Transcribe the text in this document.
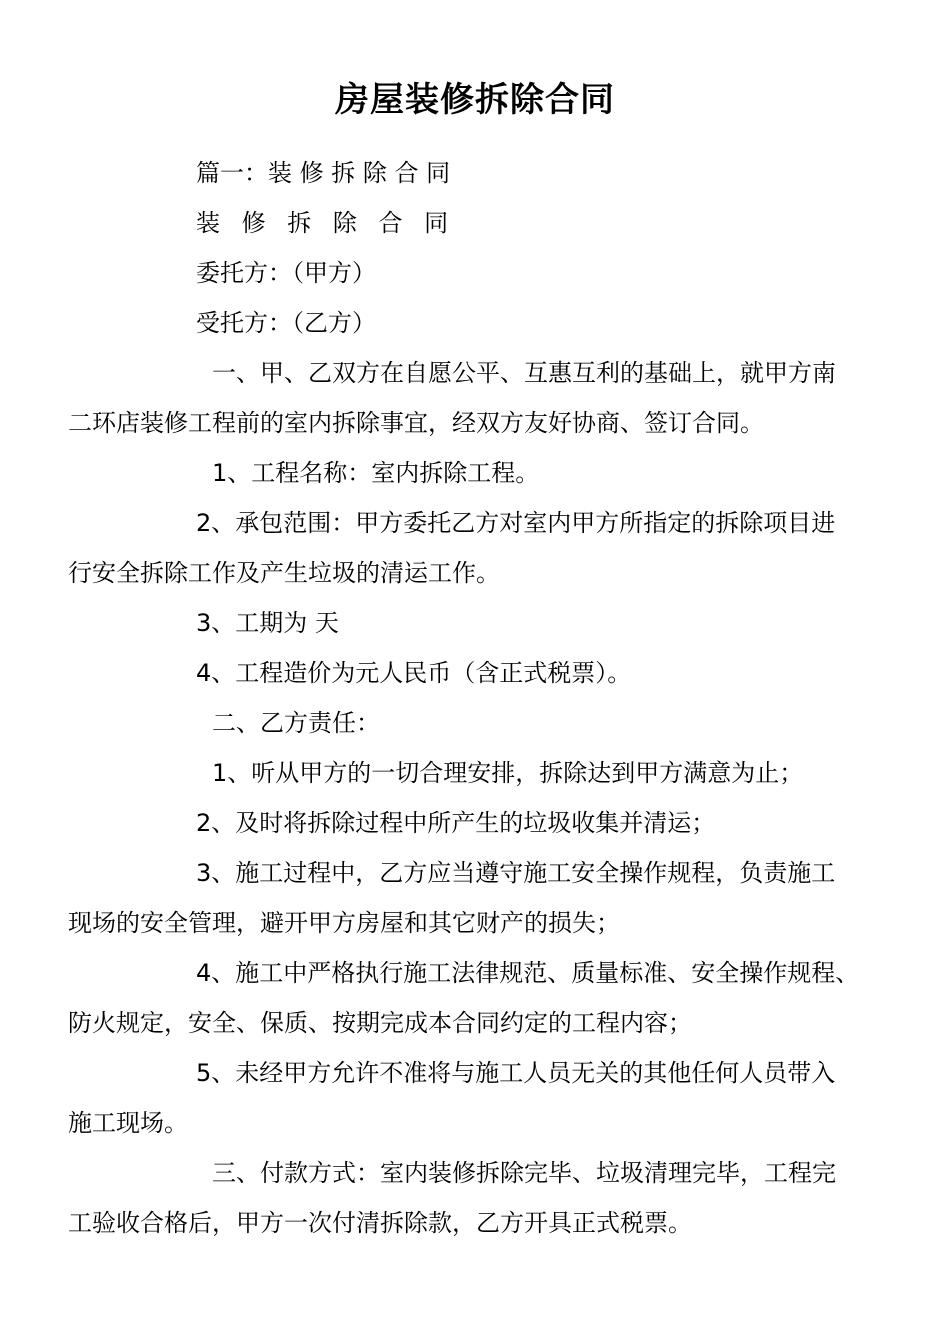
房屋装修拆除合同
篇一：装 修 拆 除 合 同
装 修 拆 除 合 同
委托方：（甲方）
受托方：（乙方）
一、甲、乙双方在自愿公平、互惠互利的基础上，就甲方南
二环店装修工程前的室内拆除事宜，经双方友好协商、签订合同。
1、工程名称：室内拆除工程。
2、承包范围：甲方委托乙方对室内甲方所指定的拆除项目进
行安全拆除工作及产生垃圾的清运工作。
3、工期为 天
4、工程造价为元人民币（含正式税票）。
二、乙方责任：
1、听从甲方的一切合理安排，拆除达到甲方满意为止；
2、及时将拆除过程中所产生的垃圾收集并清运；
3、施工过程中，乙方应当遵守施工安全操作规程，负责施工
现场的安全管理，避开甲方房屋和其它财产的损失；
4、施工中严格执行施工法律规范、质量标准、安全操作规程、
防火规定，安全、保质、按期完成本合同约定的工程内容；
5、未经甲方允许不准将与施工人员无关的其他任何人员带入
施工现场。
三、付款方式：室内装修拆除完毕、垃圾清理完毕，工程完
工验收合格后，甲方一次付清拆除款，乙方开具正式税票。
